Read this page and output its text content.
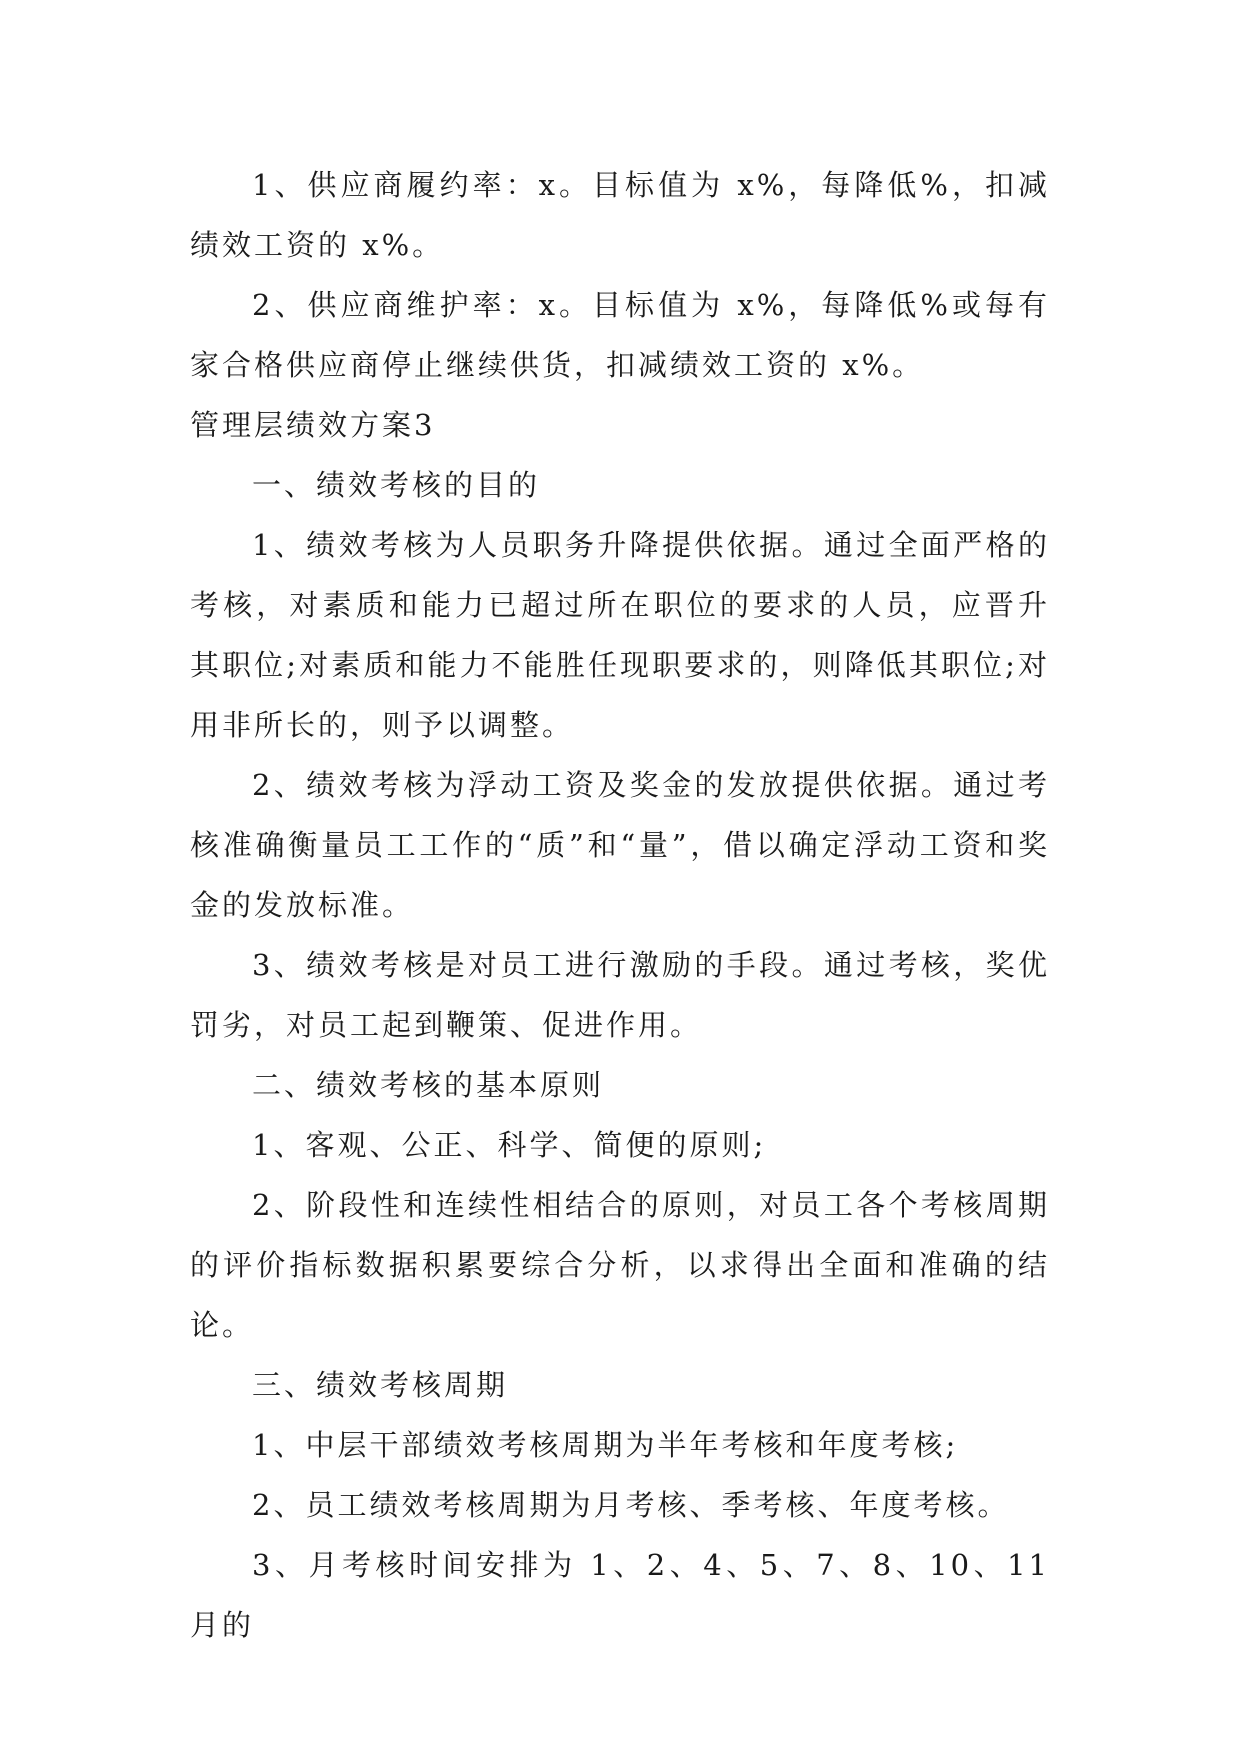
1、供应商履约率：x。目标值为 x%，每降低%，扣减绩效工资的 x%。

2、供应商维护率：x。目标值为 x%，每降低%或每有家合格供应商停止继续供货，扣减绩效工资的 x%。

管理层绩效方案3

一、绩效考核的目的

1、绩效考核为人员职务升降提供依据。通过全面严格的考核，对素质和能力已超过所在职位的要求的人员，应晋升其职位;对素质和能力不能胜任现职要求的，则降低其职位;对用非所长的，则予以调整。

2、绩效考核为浮动工资及奖金的发放提供依据。通过考核准确衡量员工工作的“质”和“量”，借以确定浮动工资和奖金的发放标准。

3、绩效考核是对员工进行激励的手段。通过考核，奖优罚劣，对员工起到鞭策、促进作用。

二、绩效考核的基本原则

1、客观、公正、科学、简便的原则;

2、阶段性和连续性相结合的原则，对员工各个考核周期的评价指标数据积累要综合分析，以求得出全面和准确的结论。

三、绩效考核周期

1、中层干部绩效考核周期为半年考核和年度考核;

2、员工绩效考核周期为月考核、季考核、年度考核。

3、月考核时间安排为 1、2、4、5、7、8、10、11 月的
